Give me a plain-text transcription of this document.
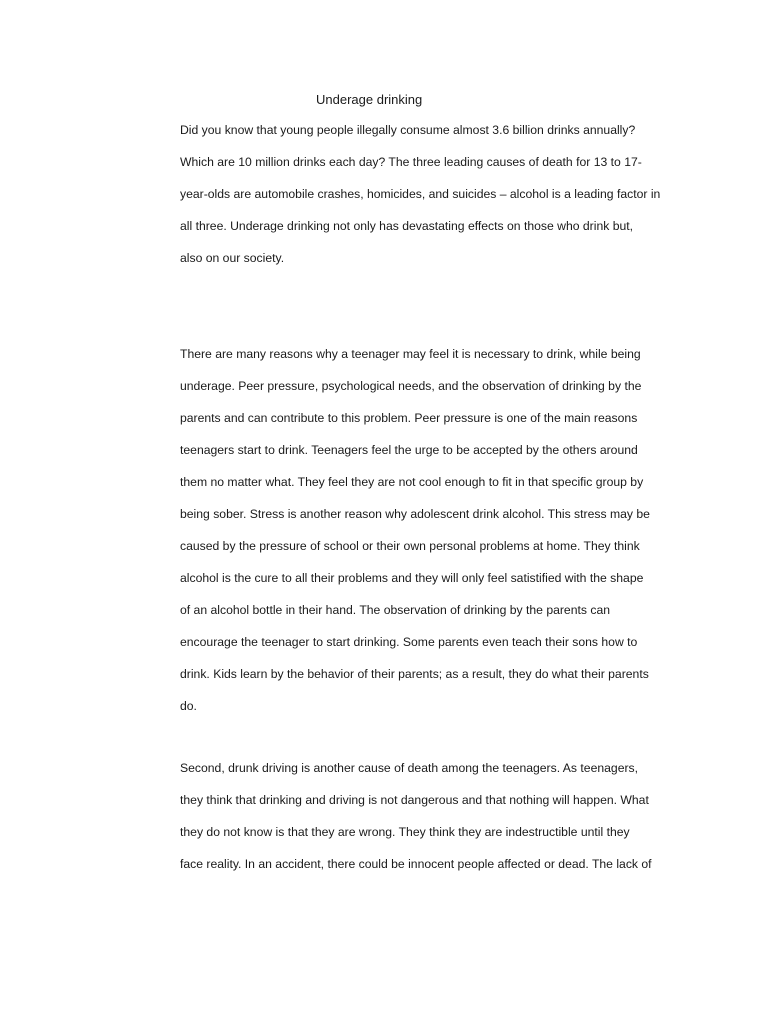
Underage drinking
Did you know that young people illegally consume almost 3.6 billion drinks annually?
Which are 10 million drinks each day? The three leading causes of death for 13 to 17-
year-olds are automobile crashes, homicides, and suicides – alcohol is a leading factor in
all three. Underage drinking not only has devastating effects on those who drink but,
also on our society.
There are many reasons why a teenager may feel it is necessary to drink, while being
underage. Peer pressure, psychological needs, and the observation of drinking by the
parents and can contribute to this problem. Peer pressure is one of the main reasons
teenagers start to drink. Teenagers feel the urge to be accepted by the others around
them no matter what. They feel they are not cool enough to fit in that specific group by
being sober. Stress is another reason why adolescent drink alcohol. This stress may be
caused by the pressure of school or their own personal problems at home. They think
alcohol is the cure to all their problems and they will only feel satistified with the shape
of an alcohol bottle in their hand. The observation of drinking by the parents can
encourage the teenager to start drinking. Some parents even teach their sons how to
drink. Kids learn by the behavior of their parents; as a result, they do what their parents
do.
Second, drunk driving is another cause of death among the teenagers. As teenagers,
they think that drinking and driving is not dangerous and that nothing will happen. What
they do not know is that they are wrong. They think they are indestructible until they
face reality. In an accident, there could be innocent people affected or dead. The lack of
